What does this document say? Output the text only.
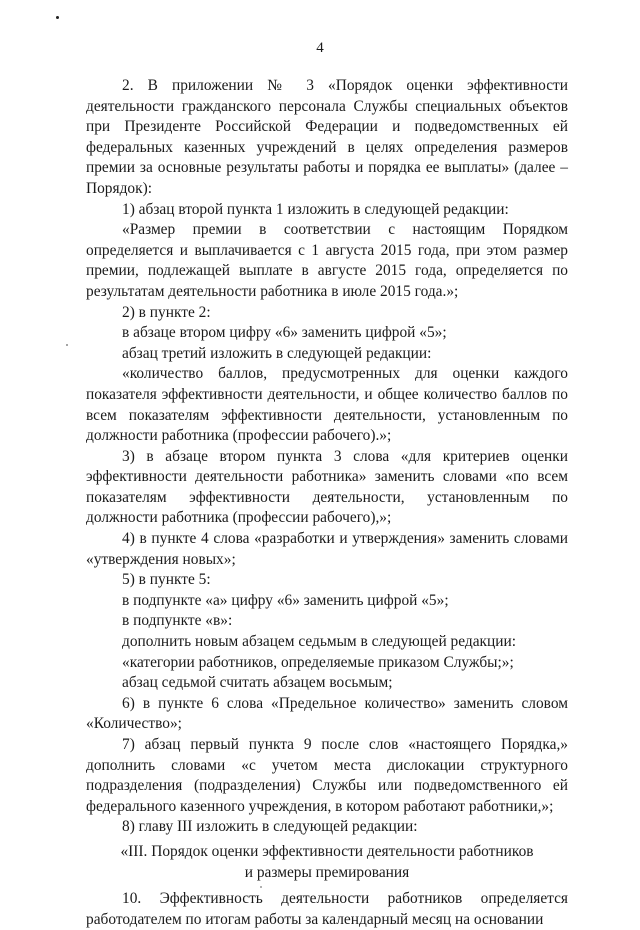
4

2. В приложении № 3 «Порядок оценки эффективности деятельности гражданского персонала Службы специальных объектов при Президенте Российской Федерации и подведомственных ей федеральных казенных учреждений в целях определения размеров премии за основные результаты работы и порядка ее выплаты» (далее – Порядок):

1) абзац второй пункта 1 изложить в следующей редакции:

«Размер премии в соответствии с настоящим Порядком определяется и выплачивается с 1 августа 2015 года, при этом размер премии, подлежащей выплате в августе 2015 года, определяется по результатам деятельности работника в июле 2015 года.»;

2) в пункте 2:

в абзаце втором цифру «6» заменить цифрой «5»;

абзац третий изложить в следующей редакции:

«количество баллов, предусмотренных для оценки каждого показателя эффективности деятельности, и общее количество баллов по всем показателям эффективности деятельности, установленным по должности работника (профессии рабочего).»;

3) в абзаце втором пункта 3 слова «для критериев оценки эффективности деятельности работника» заменить словами «по всем показателям эффективности деятельности, установленным по должности работника (профессии рабочего),»;

4) в пункте 4 слова «разработки и утверждения» заменить словами «утверждения новых»;

5) в пункте 5:

в подпункте «а» цифру «6» заменить цифрой «5»;

в подпункте «в»:

дополнить новым абзацем седьмым в следующей редакции:

«категории работников, определяемые приказом Службы;»;

абзац седьмой считать абзацем восьмым;

6) в пункте 6 слова «Предельное количество» заменить словом «Количество»;

7) абзац первый пункта 9 после слов «настоящего Порядка,» дополнить словами «с учетом места дислокации структурного подразделения (подразделения) Службы или подведомственного ей федерального казенного учреждения, в котором работают работники,»;

8) главу III изложить в следующей редакции:

«III. Порядок оценки эффективности деятельности работников

и размеры премирования

10. Эффективность деятельности работников определяется работодателем по итогам работы за календарный месяц на основании
